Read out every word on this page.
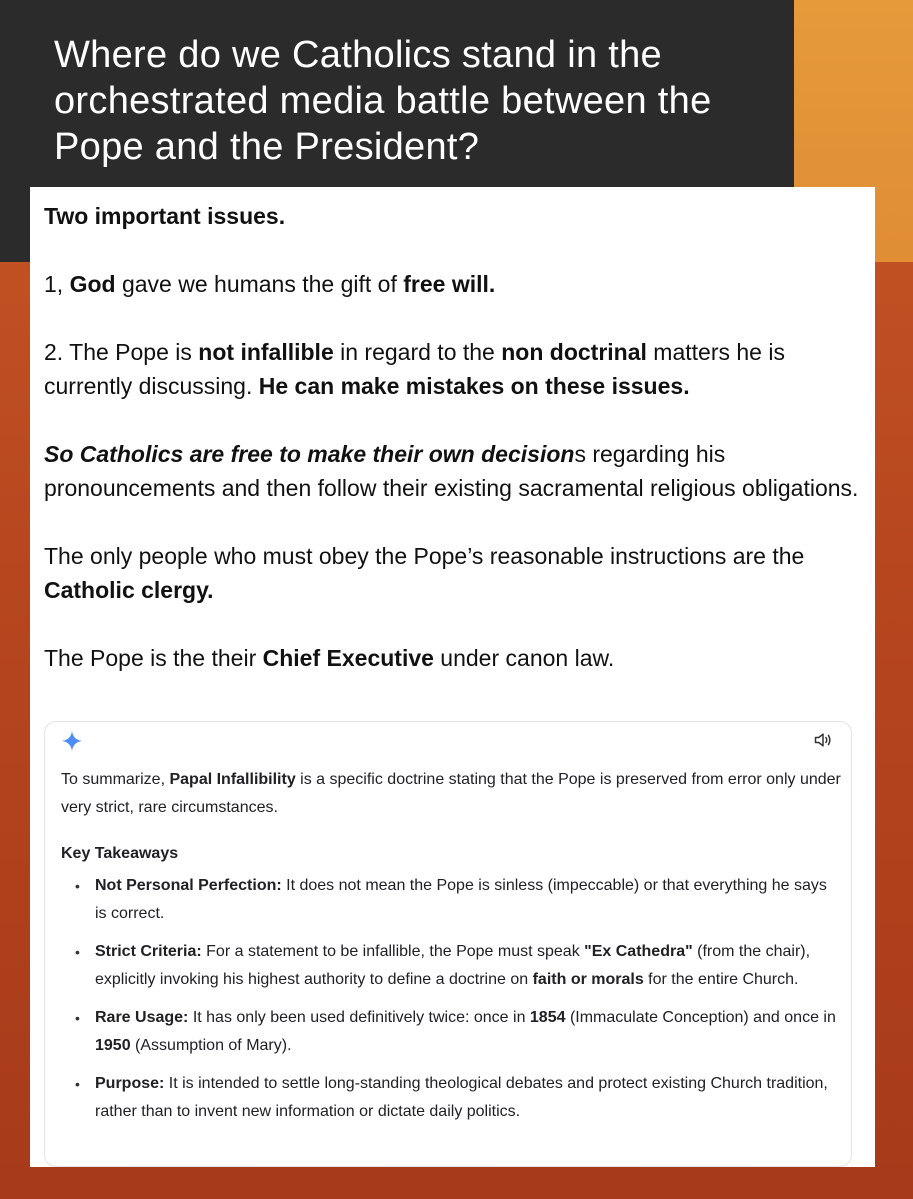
Where do we Catholics stand in the orchestrated media battle between the Pope and the President?

Two important issues.

1, God gave we humans the gift of free will.

2. The Pope is not infallible in regard to the non doctrinal matters he is currently discussing. He can make mistakes on these issues.

So Catholics are free to make their own decisions regarding his pronouncements and then follow their existing sacramental religious obligations.

The only people who must obey the Pope’s reasonable instructions are the Catholic clergy.

The Pope is the their Chief Executive under canon law.

To summarize, Papal Infallibility is a specific doctrine stating that the Pope is preserved from error only under very strict, rare circumstances.

Key Takeaways

• Not Personal Perfection: It does not mean the Pope is sinless (impeccable) or that everything he says is correct.
• Strict Criteria: For a statement to be infallible, the Pope must speak "Ex Cathedra" (from the chair), explicitly invoking his highest authority to define a doctrine on faith or morals for the entire Church.
• Rare Usage: It has only been used definitively twice: once in 1854 (Immaculate Conception) and once in 1950 (Assumption of Mary).
• Purpose: It is intended to settle long-standing theological debates and protect existing Church tradition, rather than to invent new information or dictate daily politics.
